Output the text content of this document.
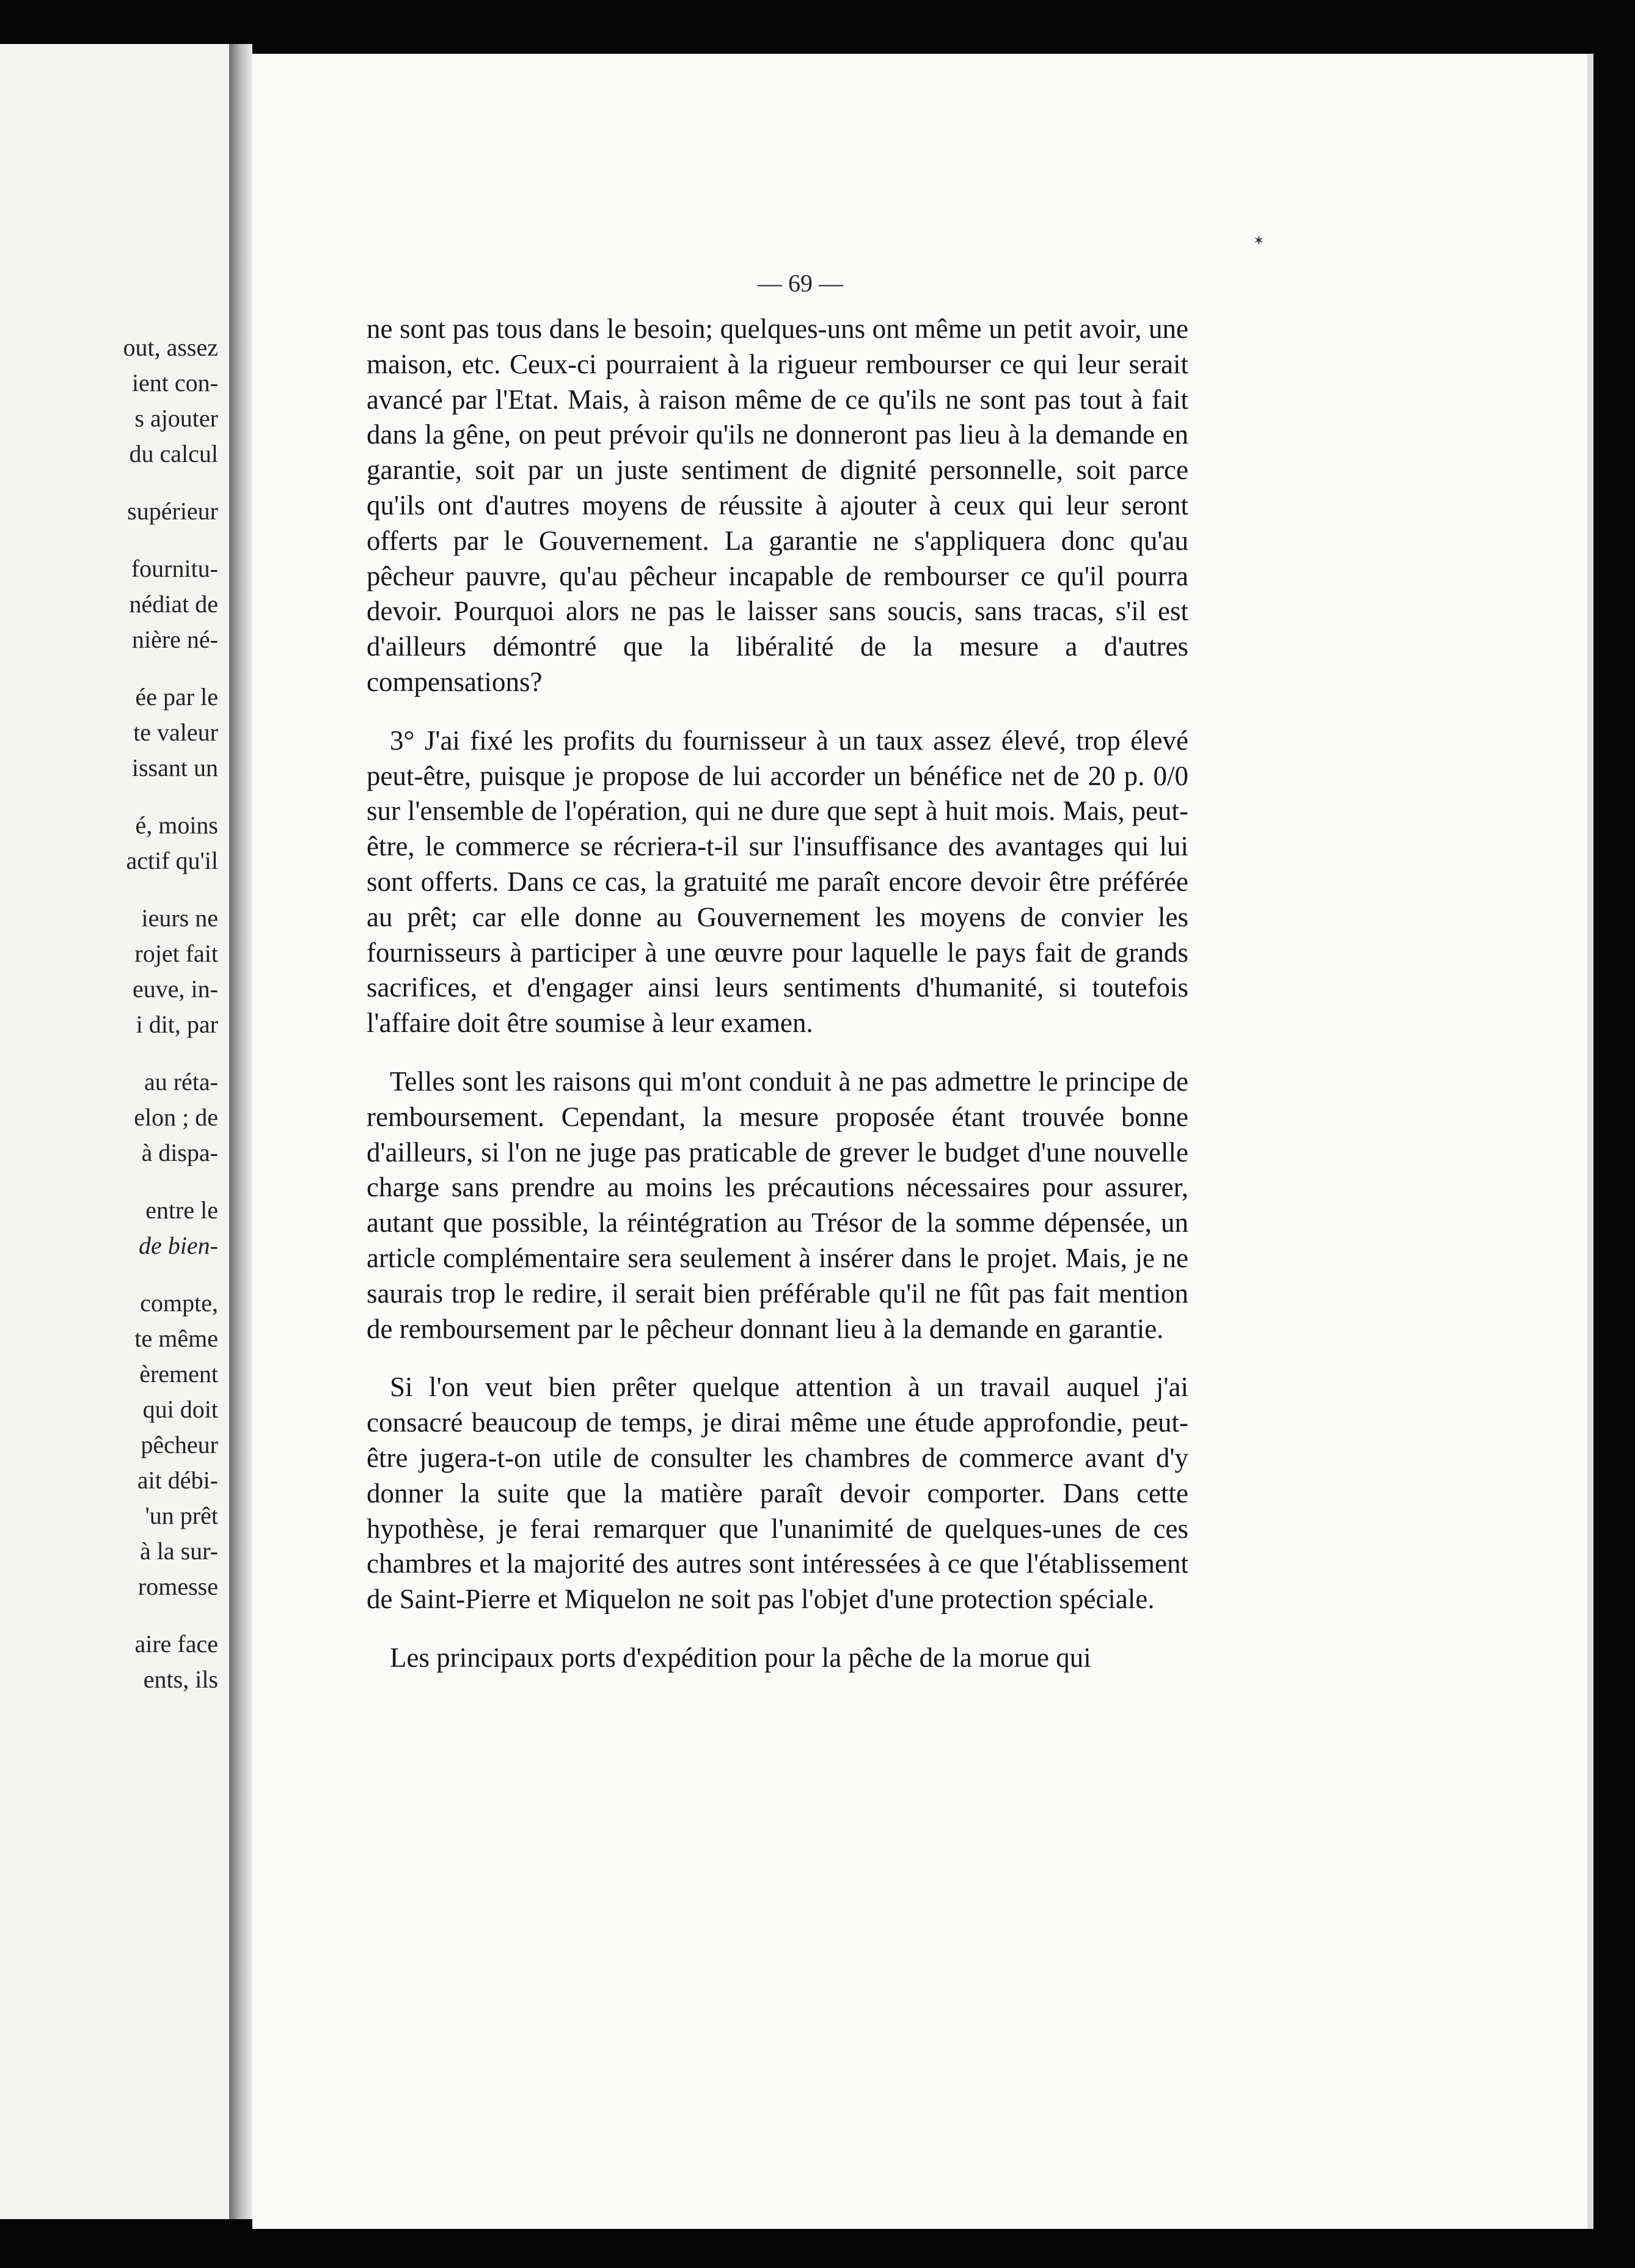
out, assez
ient con-
s ajouter
du calcul
supérieur
fournitu-
nédiat de
nière né-
ée par le
te valeur
issant un
é, moins
actif qu'il
ieurs ne
rojet fait
euve, in-
i dit, par
au réta-
elon ; de
à dispa-
entre le
de bien-
compte,
te même
èrement
qui doit
pêcheur
ait débi-
'un prêt
à la sur-
romesse
aire face
ents, ils
✶
— 69 —

ne sont pas tous dans le besoin; quelques-uns ont même un petit avoir, une maison, etc. Ceux-ci pourraient à la rigueur rembourser ce qui leur serait avancé par l'Etat. Mais, à raison même de ce qu'ils ne sont pas tout à fait dans la gêne, on peut prévoir qu'ils ne donneront pas lieu à la demande en garantie, soit par un juste sentiment de dignité personnelle, soit parce qu'ils ont d'autres moyens de réussite à ajouter à ceux qui leur seront offerts par le Gouvernement. La garantie ne s'appliquera donc qu'au pêcheur pauvre, qu'au pêcheur incapable de rembourser ce qu'il pourra devoir. Pourquoi alors ne pas le laisser sans soucis, sans tracas, s'il est d'ailleurs démontré que la libéralité de la mesure a d'autres compensations?

3° J'ai fixé les profits du fournisseur à un taux assez élevé, trop élevé peut-être, puisque je propose de lui accorder un bénéfice net de 20 p. 0/0 sur l'ensemble de l'opération, qui ne dure que sept à huit mois. Mais, peut-être, le commerce se récriera-t-il sur l'insuffisance des avantages qui lui sont offerts. Dans ce cas, la gratuité me paraît encore devoir être préférée au prêt; car elle donne au Gouvernement les moyens de convier les fournisseurs à participer à une œuvre pour laquelle le pays fait de grands sacrifices, et d'engager ainsi leurs sentiments d'humanité, si toutefois l'affaire doit être soumise à leur examen.

Telles sont les raisons qui m'ont conduit à ne pas admettre le principe de remboursement. Cependant, la mesure proposée étant trouvée bonne d'ailleurs, si l'on ne juge pas praticable de grever le budget d'une nouvelle charge sans prendre au moins les précautions nécessaires pour assurer, autant que possible, la réintégration au Trésor de la somme dépensée, un article complémentaire sera seulement à insérer dans le projet. Mais, je ne saurais trop le redire, il serait bien préférable qu'il ne fût pas fait mention de remboursement par le pêcheur donnant lieu à la demande en garantie.

Si l'on veut bien prêter quelque attention à un travail auquel j'ai consacré beaucoup de temps, je dirai même une étude approfondie, peut-être jugera-t-on utile de consulter les chambres de commerce avant d'y donner la suite que la matière paraît devoir comporter. Dans cette hypothèse, je ferai remarquer que l'unanimité de quelques-unes de ces chambres et la majorité des autres sont intéressées à ce que l'établissement de Saint-Pierre et Miquelon ne soit pas l'objet d'une protection spéciale.

Les principaux ports d'expédition pour la pêche de la morue qui
